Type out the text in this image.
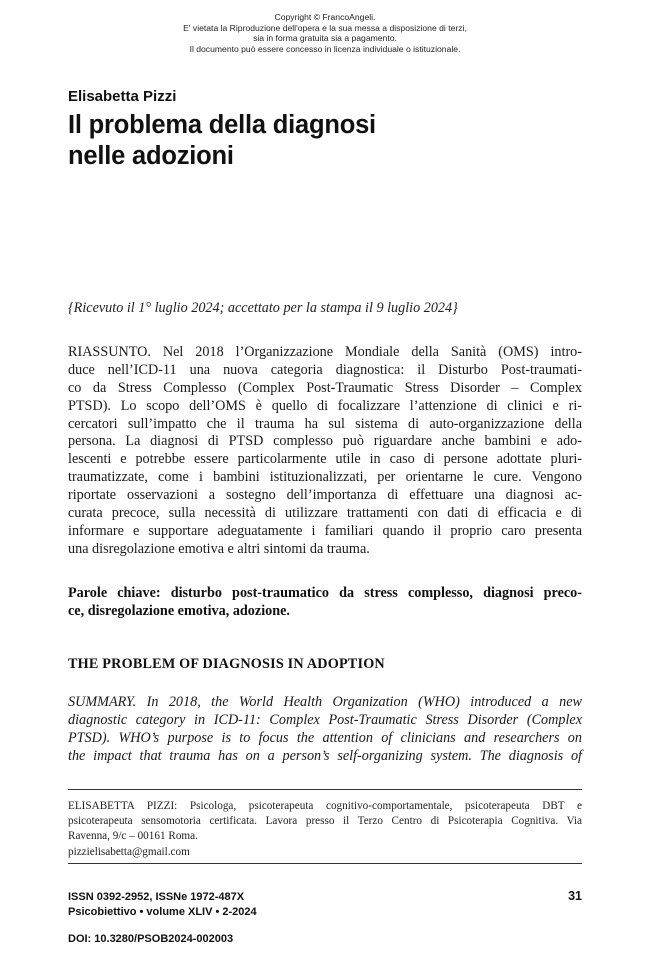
Copyright © FrancoAngeli.
E' vietata la Riproduzione dell'opera e la sua messa a disposizione di terzi,
sia in forma gratuita sia a pagamento.
Il documento può essere concesso in licenza individuale o istituzionale.
Elisabetta Pizzi
Il problema della diagnosi
nelle adozioni
{Ricevuto il 1° luglio 2024; accettato per la stampa il 9 luglio 2024}
RIASSUNTO. Nel 2018 l’Organizzazione Mondiale della Sanità (OMS) intro-
duce nell’ICD-11 una nuova categoria diagnostica: il Disturbo Post-traumati-
co da Stress Complesso (Complex Post-Traumatic Stress Disorder – Complex
PTSD). Lo scopo dell’OMS è quello di focalizzare l’attenzione di clinici e ri-
cercatori sull’impatto che il trauma ha sul sistema di auto-organizzazione della
persona. La diagnosi di PTSD complesso può riguardare anche bambini e ado-
lescenti e potrebbe essere particolarmente utile in caso di persone adottate pluri-
traumatizzate, come i bambini istituzionalizzati, per orientarne le cure. Vengono
riportate osservazioni a sostegno dell’importanza di effettuare una diagnosi ac-
curata precoce, sulla necessità di utilizzare trattamenti con dati di efficacia e di
informare e supportare adeguatamente i familiari quando il proprio caro presenta
una disregolazione emotiva e altri sintomi da trauma.
Parole chiave: disturbo post-traumatico da stress complesso, diagnosi preco-
ce, disregolazione emotiva, adozione.
THE PROBLEM OF DIAGNOSIS IN ADOPTION
SUMMARY. In 2018, the World Health Organization (WHO) introduced a new
diagnostic category in ICD-11: Complex Post-Traumatic Stress Disorder (Complex
PTSD). WHO’s purpose is to focus the attention of clinicians and researchers on
the impact that trauma has on a person’s self-organizing system. The diagnosis of
ELISABETTA PIZZI: Psicologa, psicoterapeuta cognitivo-comportamentale, psicoterapeuta DBT e
psicoterapeuta sensomotoria certificata. Lavora presso il Terzo Centro di Psicoterapia Cognitiva. Via
Ravenna, 9/c – 00161 Roma.
pizzielisabetta@gmail.com
ISSN 0392-2952, ISSNe 1972-487X
Psicobiettivo • volume XLIV • 2-2024
31
DOI: 10.3280/PSOB2024-002003
